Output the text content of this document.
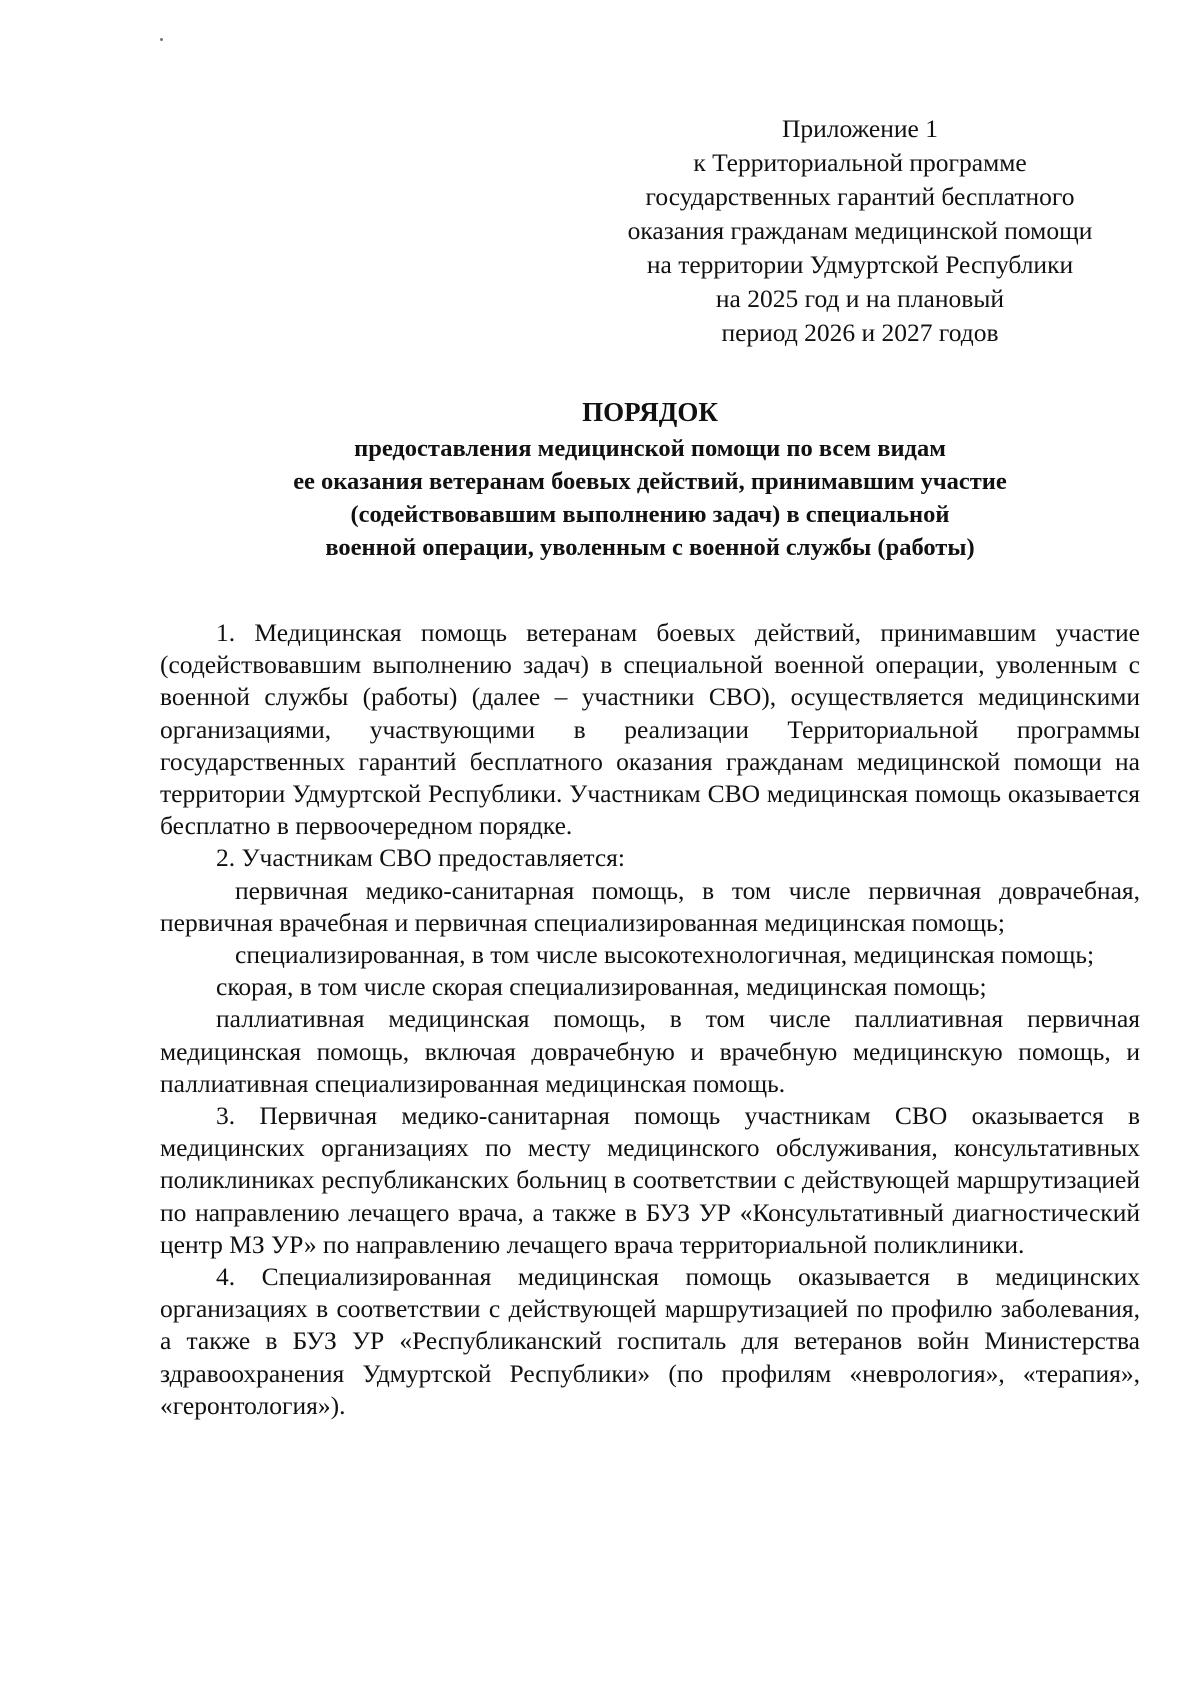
Приложение 1
к Территориальной программе
государственных гарантий бесплатного
оказания гражданам медицинской помощи
на территории Удмуртской Республики
на 2025 год и на плановый
период 2026 и 2027 годов
ПОРЯДОК
предоставления медицинской помощи по всем видам
ее оказания ветеранам боевых действий, принимавшим участие
(содействовавшим выполнению задач) в специальной
военной операции, уволенным с военной службы (работы)

1. Медицинская помощь ветеранам боевых действий, принимавшим участие (содействовавшим выполнению задач) в специальной военной операции, уволенным с военной службы (работы) (далее – участники СВО), осуществляется медицинскими организациями, участвующими в реализации Территориальной программы государственных гарантий бесплатного оказания гражданам медицинской помощи на территории Удмуртской Республики. Участникам СВО медицинская помощь оказывается бесплатно в первоочередном порядке.

2. Участникам СВО предоставляется:

первичная медико-санитарная помощь, в том числе первичная доврачебная, первичная врачебная и первичная специализированная медицинская помощь;

специализированная, в том числе высокотехнологичная, медицинская помощь;

скорая, в том числе скорая специализированная, медицинская помощь;

паллиативная медицинская помощь, в том числе паллиативная первичная медицинская помощь, включая доврачебную и врачебную медицинскую помощь, и паллиативная специализированная медицинская помощь.

3. Первичная медико-санитарная помощь участникам СВО оказывается в медицинских организациях по месту медицинского обслуживания, консультативных поликлиниках республиканских больниц в соответствии с действующей маршрутизацией по направлению лечащего врача, а также в БУЗ УР «Консультативный диагностический центр МЗ УР» по направлению лечащего врача территориальной поликлиники.

4. Специализированная медицинская помощь оказывается в медицинских организациях в соответствии с действующей маршрутизацией по профилю заболевания, а также в БУЗ УР «Республиканский госпиталь для ветеранов войн Министерства здравоохранения Удмуртской Республики» (по профилям «неврология», «терапия», «геронтология»).
